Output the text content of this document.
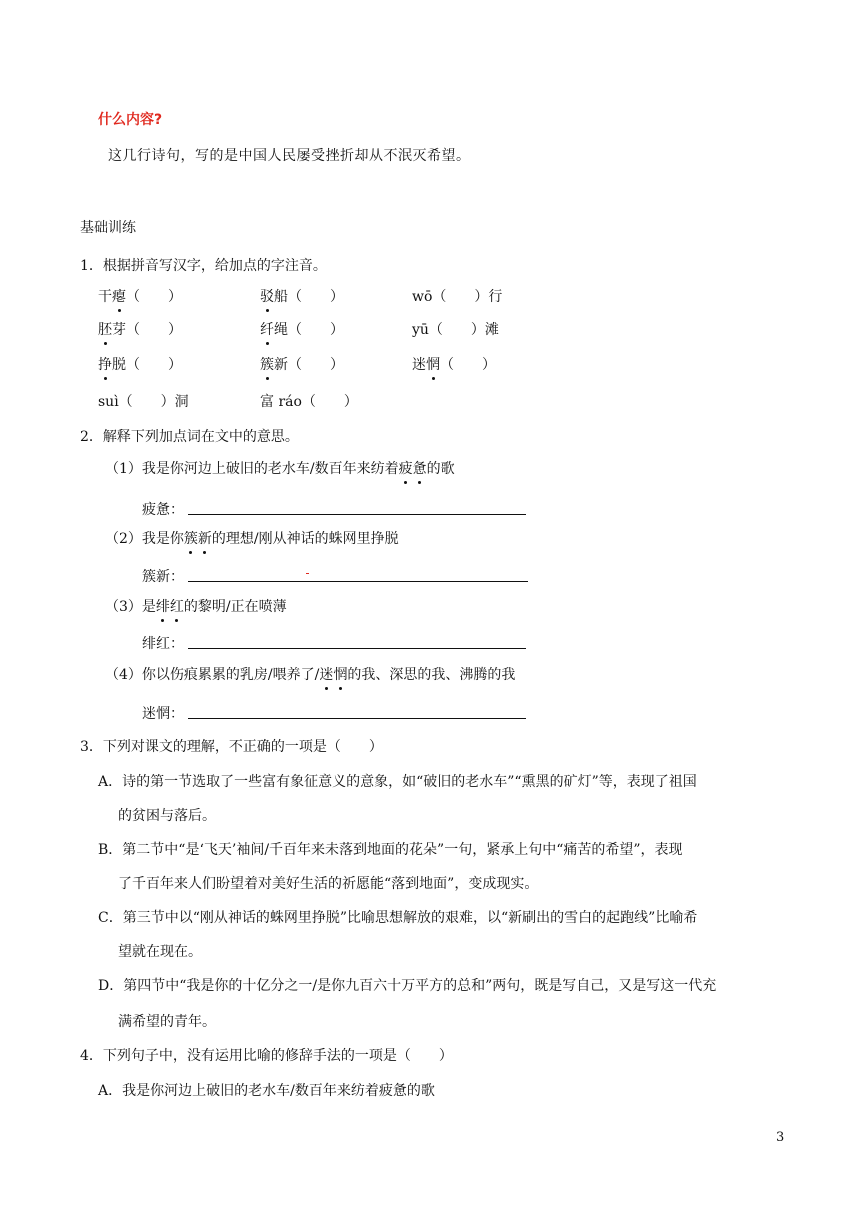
什么内容?
这几行诗句，写的是中国人民屡受挫折却从不泯灭希望。
基础训练
1．根据拼音写汉字，给加点的字注音。
干瘪（　　）	驳船（　　）	wō（　　）行
胚芽（　　）	纤绳（　　）	yū（　　）滩
挣脱（　　）	簇新（　　）	迷惘（　　）
suì（　　）洞	富 ráo（　　）
2．解释下列加点词在文中的意思。
（1）我是你河边上破旧的老水车/数百年来纺着疲惫的歌
疲惫：
（2）我是你簇新的理想/刚从神话的蛛网里挣脱
簇新：
（3）是绯红的黎明/正在喷薄
绯红：
（4）你以伤痕累累的乳房/喂养了/迷惘的我、深思的我、沸腾的我
迷惘：
3．下列对课文的理解，不正确的一项是（　　）
A．诗的第一节选取了一些富有象征意义的意象，如“破旧的老水车”“熏黑的矿灯”等，表现了祖国
的贫困与落后。
B．第二节中“是‘飞天’袖间/千百年来未落到地面的花朵”一句，紧承上句中“痛苦的希望”，表现
了千百年来人们盼望着对美好生活的祈愿能“落到地面”，变成现实。
C．第三节中以“刚从神话的蛛网里挣脱”比喻思想解放的艰难，以“新刷出的雪白的起跑线”比喻希
望就在现在。
D．第四节中“我是你的十亿分之一/是你九百六十万平方的总和”两句，既是写自己，又是写这一代充
满希望的青年。
4．下列句子中，没有运用比喻的修辞手法的一项是（　　）
A．我是你河边上破旧的老水车/数百年来纺着疲惫的歌
3
